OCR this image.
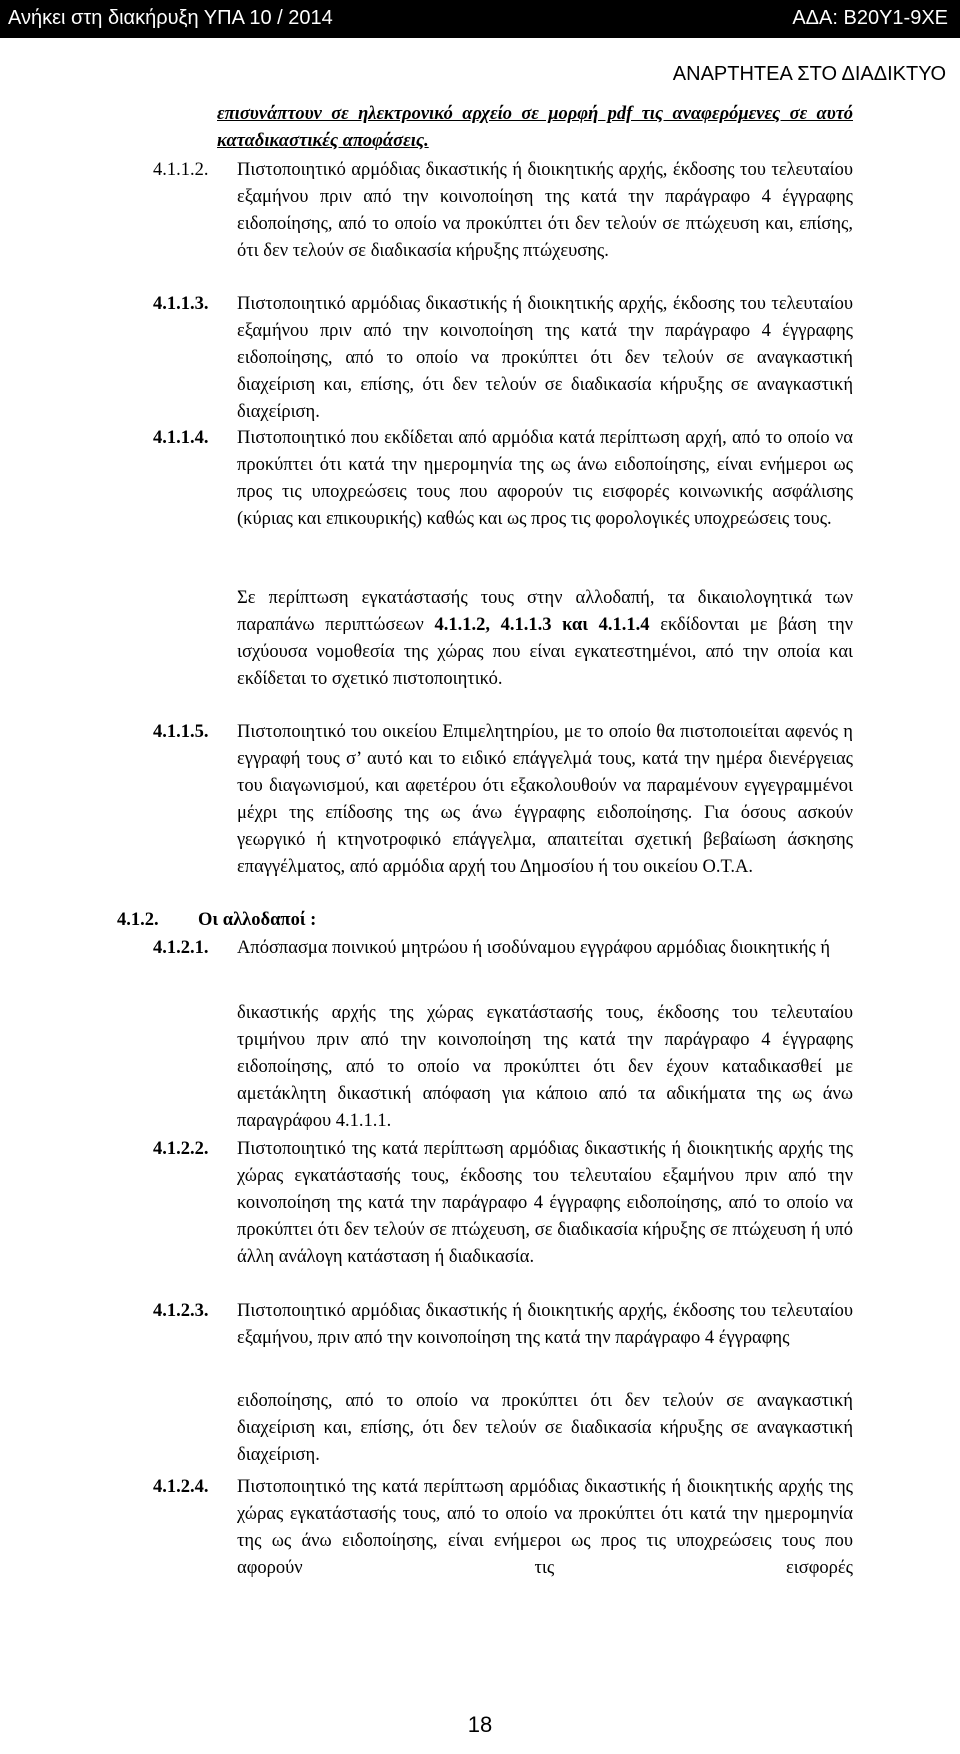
Ανήκει στη διακήρυξη ΥΠΑ 10 / 2014	ΑΔΑ: Β20Υ1-9ΧΕ
ΑΝΑΡΤΗΤΕΑ ΣΤΟ ΔΙΑΔΙΚΤΥΟ
επισυνάπτουν σε ηλεκτρονικό αρχείο σε μορφή pdf τις αναφερόμενες σε αυτό καταδικαστικές αποφάσεις.
4.1.1.2. Πιστοποιητικό αρμόδιας δικαστικής ή διοικητικής αρχής, έκδοσης του τελευταίου εξαμήνου πριν από την κοινοποίηση της κατά την παράγραφο 4 έγγραφης ειδοποίησης, από το οποίο να προκύπτει ότι δεν τελούν σε πτώχευση και, επίσης, ότι δεν τελούν σε διαδικασία κήρυξης πτώχευσης.
4.1.1.3. Πιστοποιητικό αρμόδιας δικαστικής ή διοικητικής αρχής, έκδοσης του τελευταίου εξαμήνου πριν από την κοινοποίηση της κατά την παράγραφο 4 έγγραφης ειδοποίησης, από το οποίο να προκύπτει ότι δεν τελούν σε αναγκαστική διαχείριση και, επίσης, ότι δεν τελούν σε διαδικασία κήρυξης σε αναγκαστική διαχείριση.
4.1.1.4. Πιστοποιητικό που εκδίδεται από αρμόδια κατά περίπτωση αρχή, από το οποίο να προκύπτει ότι κατά την ημερομηνία της ως άνω ειδοποίησης, είναι ενήμεροι ως προς τις υποχρεώσεις τους που αφορούν τις εισφορές κοινωνικής ασφάλισης (κύριας και επικουρικής) καθώς και ως προς τις φορολογικές υποχρεώσεις τους.
Σε περίπτωση εγκατάστασής τους στην αλλοδαπή, τα δικαιολογητικά των παραπάνω περιπτώσεων 4.1.1.2, 4.1.1.3 και 4.1.1.4 εκδίδονται με βάση την ισχύουσα νομοθεσία της χώρας που είναι εγκατεστημένοι, από την οποία και εκδίδεται το σχετικό πιστοποιητικό.
4.1.1.5. Πιστοποιητικό του οικείου Επιμελητηρίου, με το οποίο θα πιστοποιείται αφενός η εγγραφή τους σ’ αυτό και το ειδικό επάγγελμά τους, κατά την ημέρα διενέργειας του διαγωνισμού, και αφετέρου ότι εξακολουθούν να παραμένουν εγγεγραμμένοι μέχρι της επίδοσης της ως άνω έγγραφης ειδοποίησης. Για όσους ασκούν γεωργικό ή κτηνοτροφικό επάγγελμα, απαιτείται σχετική βεβαίωση άσκησης επαγγέλματος, από αρμόδια αρχή του Δημοσίου ή του οικείου Ο.Τ.Α.
4.1.2. Οι αλλοδαποί :
4.1.2.1. Απόσπασμα ποινικού μητρώου ή ισοδύναμου εγγράφου αρμόδιας διοικητικής ή
δικαστικής αρχής της χώρας εγκατάστασής τους, έκδοσης του τελευταίου τριμήνου πριν από την κοινοποίηση της κατά την παράγραφο 4 έγγραφης ειδοποίησης, από το οποίο να προκύπτει ότι δεν έχουν καταδικασθεί με αμετάκλητη δικαστική απόφαση για κάποιο από τα αδικήματα της ως άνω παραγράφου 4.1.1.1.
4.1.2.2. Πιστοποιητικό της κατά περίπτωση αρμόδιας δικαστικής ή διοικητικής αρχής της χώρας εγκατάστασής τους, έκδοσης του τελευταίου εξαμήνου πριν από την κοινοποίηση της κατά την παράγραφο 4 έγγραφης ειδοποίησης, από το οποίο να προκύπτει ότι δεν τελούν σε πτώχευση, σε διαδικασία κήρυξης σε πτώχευση ή υπό άλλη ανάλογη κατάσταση ή διαδικασία.
4.1.2.3. Πιστοποιητικό αρμόδιας δικαστικής ή διοικητικής αρχής, έκδοσης του τελευταίου εξαμήνου, πριν από την κοινοποίηση της κατά την παράγραφο 4 έγγραφης
ειδοποίησης, από το οποίο να προκύπτει ότι δεν τελούν σε αναγκαστική διαχείριση και, επίσης, ότι δεν τελούν σε διαδικασία κήρυξης σε αναγκαστική διαχείριση.
4.1.2.4. Πιστοποιητικό της κατά περίπτωση αρμόδιας δικαστικής ή διοικητικής αρχής της χώρας εγκατάστασής τους, από το οποίο να προκύπτει ότι κατά την ημερομηνία της ως άνω ειδοποίησης, είναι ενήμεροι ως προς τις υποχρεώσεις τους που αφορούν τις εισφορές
18
